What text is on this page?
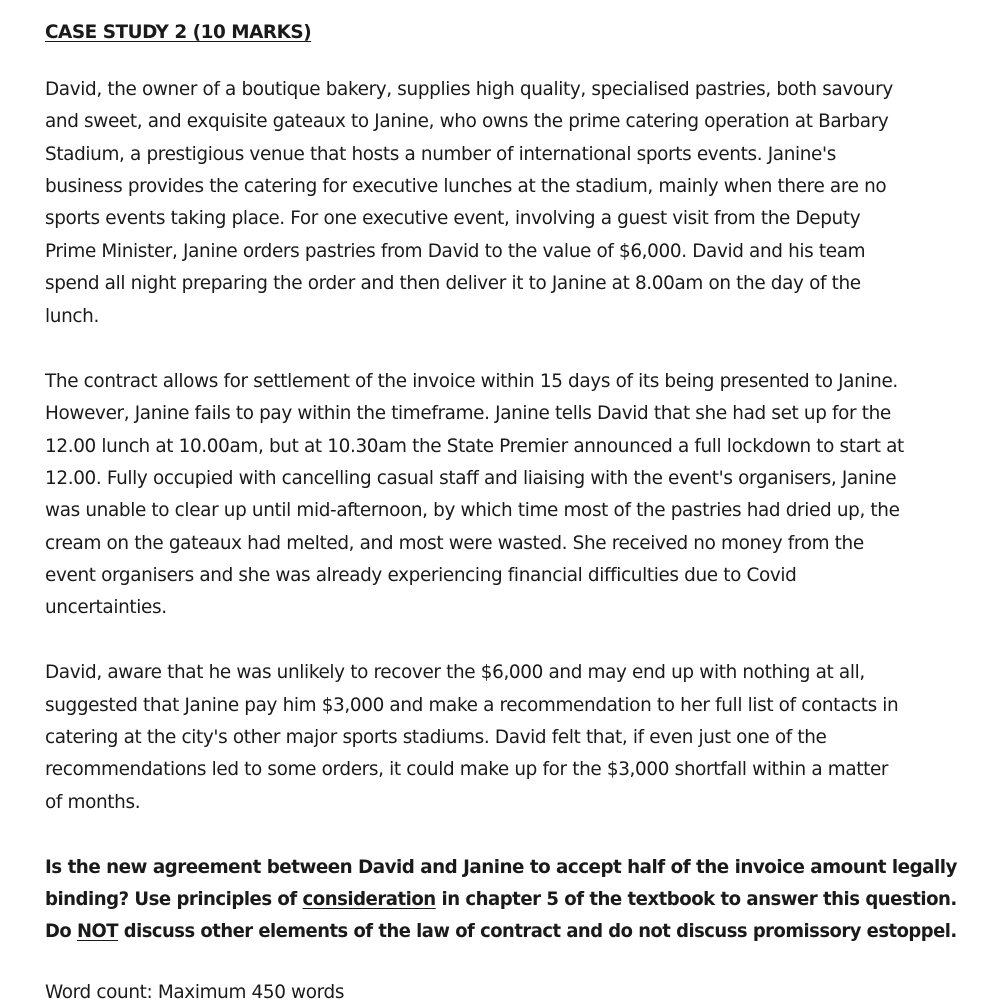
CASE STUDY 2 (10 MARKS)
David, the owner of a boutique bakery, supplies high quality, specialised pastries, both savoury
and sweet, and exquisite gateaux to Janine, who owns the prime catering operation at Barbary
Stadium, a prestigious venue that hosts a number of international sports events. Janine's
business provides the catering for executive lunches at the stadium, mainly when there are no
sports events taking place. For one executive event, involving a guest visit from the Deputy
Prime Minister, Janine orders pastries from David to the value of $6,000. David and his team
spend all night preparing the order and then deliver it to Janine at 8.00am on the day of the
lunch.
The contract allows for settlement of the invoice within 15 days of its being presented to Janine.
However, Janine fails to pay within the timeframe. Janine tells David that she had set up for the
12.00 lunch at 10.00am, but at 10.30am the State Premier announced a full lockdown to start at
12.00. Fully occupied with cancelling casual staff and liaising with the event's organisers, Janine
was unable to clear up until mid-afternoon, by which time most of the pastries had dried up, the
cream on the gateaux had melted, and most were wasted. She received no money from the
event organisers and she was already experiencing financial difficulties due to Covid
uncertainties.
David, aware that he was unlikely to recover the $6,000 and may end up with nothing at all,
suggested that Janine pay him $3,000 and make a recommendation to her full list of contacts in
catering at the city's other major sports stadiums. David felt that, if even just one of the
recommendations led to some orders, it could make up for the $3,000 shortfall within a matter
of months.
Is the new agreement between David and Janine to accept half of the invoice amount legally
binding? Use principles of consideration in chapter 5 of the textbook to answer this question.
Do NOT discuss other elements of the law of contract and do not discuss promissory estoppel.
Word count: Maximum 450 words
